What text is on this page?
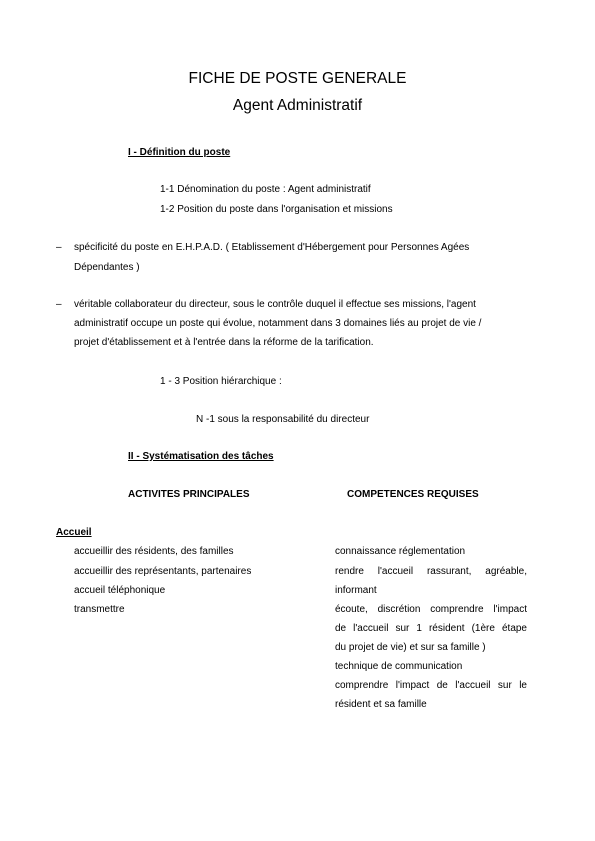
FICHE DE POSTE GENERALE
Agent Administratif
I - Définition du poste
1-1 Dénomination du poste : Agent administratif
1-2 Position du poste dans l'organisation et missions
– spécificité du poste en E.H.P.A.D. ( Etablissement d'Hébergement pour Personnes Agées
Dépendantes )
– véritable collaborateur du directeur, sous le contrôle duquel il effectue ses missions, l'agent
administratif occupe un poste qui évolue, notamment dans 3 domaines liés au projet de vie /
projet d'établissement et à l'entrée dans la réforme de la tarification.
1 - 3 Position hiérarchique :
N -1 sous la responsabilité du directeur
II - Systématisation des tâches
ACTIVITES PRINCIPALES	COMPETENCES REQUISES
Accueil
accueillir des résidents, des familles
accueillir des représentants, partenaires
accueil téléphonique
transmettre
connaissance réglementation
rendre l'accueil rassurant, agréable,
informant
écoute, discrétion comprendre l'impact
de l'accueil sur 1 résident (1ère étape
du projet de vie) et sur sa famille )
technique de communication
comprendre l'impact de l'accueil sur le
résident et sa famille
